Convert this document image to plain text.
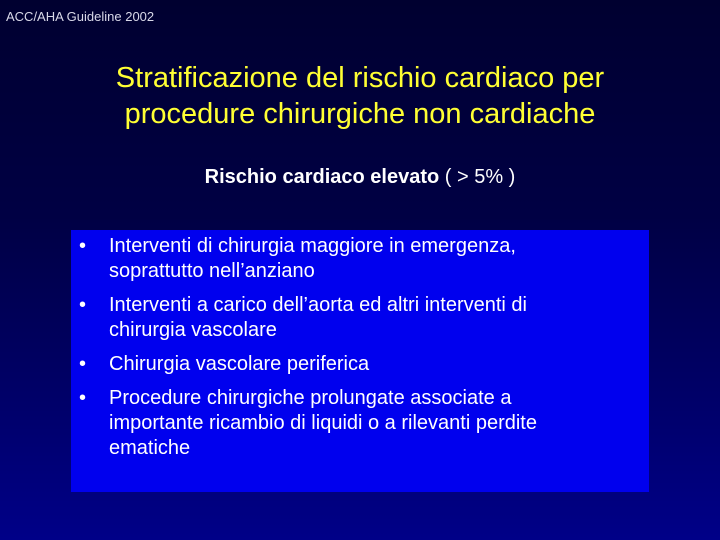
ACC/AHA Guideline 2002
Stratificazione del rischio cardiaco per
procedure chirurgiche non cardiache
Rischio cardiaco elevato ( > 5% )
• Interventi di chirurgia maggiore in emergenza,
soprattutto nell’anziano
• Interventi a carico dell’aorta ed altri interventi di
chirurgia vascolare
• Chirurgia vascolare periferica
• Procedure chirurgiche prolungate associate a
importante ricambio di liquidi o a rilevanti perdite
ematiche
